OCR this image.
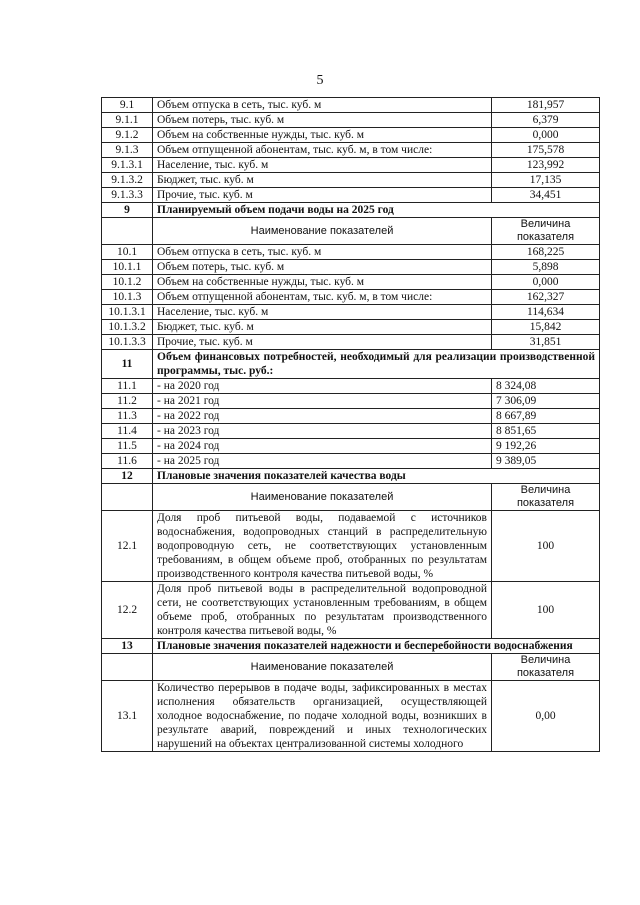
5
9.1	Объем отпуска в сеть, тыс. куб. м	181,957
9.1.1	Объем потерь, тыс. куб. м	6,379
9.1.2	Объем на собственные нужды, тыс. куб. м	0,000
9.1.3	Объем отпущенной абонентам, тыс. куб. м, в том числе:	175,578
9.1.3.1	Население, тыс. куб. м	123,992
9.1.3.2	Бюджет, тыс. куб. м	17,135
9.1.3.3	Прочие, тыс. куб. м	34,451
9	Планируемый объем подачи воды на 2025 год	
	Наименование показателей	Величина показателя
10.1	Объем отпуска в сеть, тыс. куб. м	168,225
10.1.1	Объем потерь, тыс. куб. м	5,898
10.1.2	Объем на собственные нужды, тыс. куб. м	0,000
10.1.3	Объем отпущенной абонентам, тыс. куб. м, в том числе:	162,327
10.1.3.1	Население, тыс. куб. м	114,634
10.1.3.2	Бюджет, тыс. куб. м	15,842
10.1.3.3	Прочие, тыс. куб. м	31,851
11	Объем финансовых потребностей, необходимый для реализации производственной программы, тыс. руб.:	
11.1	- на 2020 год	8 324,08
11.2	- на 2021 год	7 306,09
11.3	- на 2022 год	8 667,89
11.4	- на 2023 год	8 851,65
11.5	- на 2024 год	9 192,26
11.6	- на 2025 год	9 389,05
12	Плановые значения показателей качества воды	
	Наименование показателей	Величина показателя
12.1	Доля проб питьевой воды, подаваемой с источников водоснабжения, водопроводных станций в распределительную водопроводную сеть, не соответствующих установленным требованиям, в общем объеме проб, отобранных по результатам производственного контроля качества питьевой воды, %	100
12.2	Доля проб питьевой воды в распределительной водопроводной сети, не соответствующих установленным требованиям, в общем объеме проб, отобранных по результатам производственного контроля качества питьевой воды, %	100
13	Плановые значения показателей надежности и бесперебойности водоснабжения	
	Наименование показателей	Величина показателя
13.1	Количество перерывов в подаче воды, зафиксированных в местах исполнения обязательств организацией, осуществляющей холодное водоснабжение, по подаче холодной воды, возникших в результате аварий, повреждений и иных технологических нарушений на объектах централизованной системы холодного	0,00
